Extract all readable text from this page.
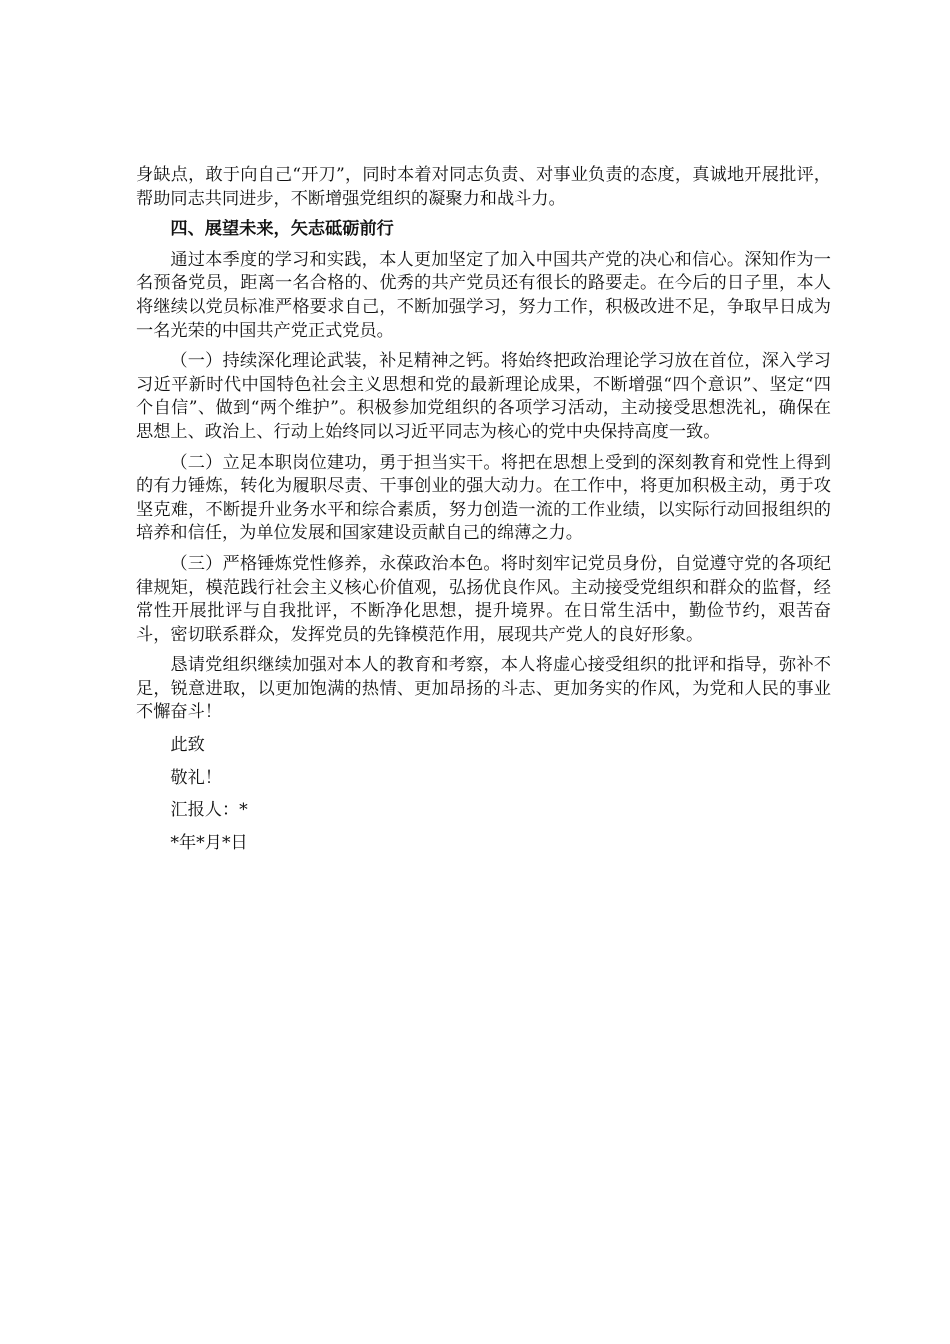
身缺点，敢于向自己“开刀”，同时本着对同志负责、对事业负责的态度，真诚地开展批评，帮助同志共同进步，不断增强党组织的凝聚力和战斗力。

四、展望未来，矢志砥砺前行

通过本季度的学习和实践，本人更加坚定了加入中国共产党的决心和信心。深知作为一名预备党员，距离一名合格的、优秀的共产党员还有很长的路要走。在今后的日子里，本人将继续以党员标准严格要求自己，不断加强学习，努力工作，积极改进不足，争取早日成为一名光荣的中国共产党正式党员。

（一）持续深化理论武装，补足精神之钙。将始终把政治理论学习放在首位，深入学习习近平新时代中国特色社会主义思想和党的最新理论成果，不断增强“四个意识”、坚定“四个自信”、做到“两个维护”。积极参加党组织的各项学习活动，主动接受思想洗礼，确保在思想上、政治上、行动上始终同以习近平同志为核心的党中央保持高度一致。

（二）立足本职岗位建功，勇于担当实干。将把在思想上受到的深刻教育和党性上得到的有力锤炼，转化为履职尽责、干事创业的强大动力。在工作中，将更加积极主动，勇于攻坚克难，不断提升业务水平和综合素质，努力创造一流的工作业绩，以实际行动回报组织的培养和信任，为单位发展和国家建设贡献自己的绵薄之力。

（三）严格锤炼党性修养，永葆政治本色。将时刻牢记党员身份，自觉遵守党的各项纪律规矩，模范践行社会主义核心价值观，弘扬优良作风。主动接受党组织和群众的监督，经常性开展批评与自我批评，不断净化思想，提升境界。在日常生活中，勤俭节约，艰苦奋斗，密切联系群众，发挥党员的先锋模范作用，展现共产党人的良好形象。

恳请党组织继续加强对本人的教育和考察，本人将虚心接受组织的批评和指导，弥补不足，锐意进取，以更加饱满的热情、更加昂扬的斗志、更加务实的作风，为党和人民的事业不懈奋斗！

此致

敬礼！

汇报人：*

*年*月*日
